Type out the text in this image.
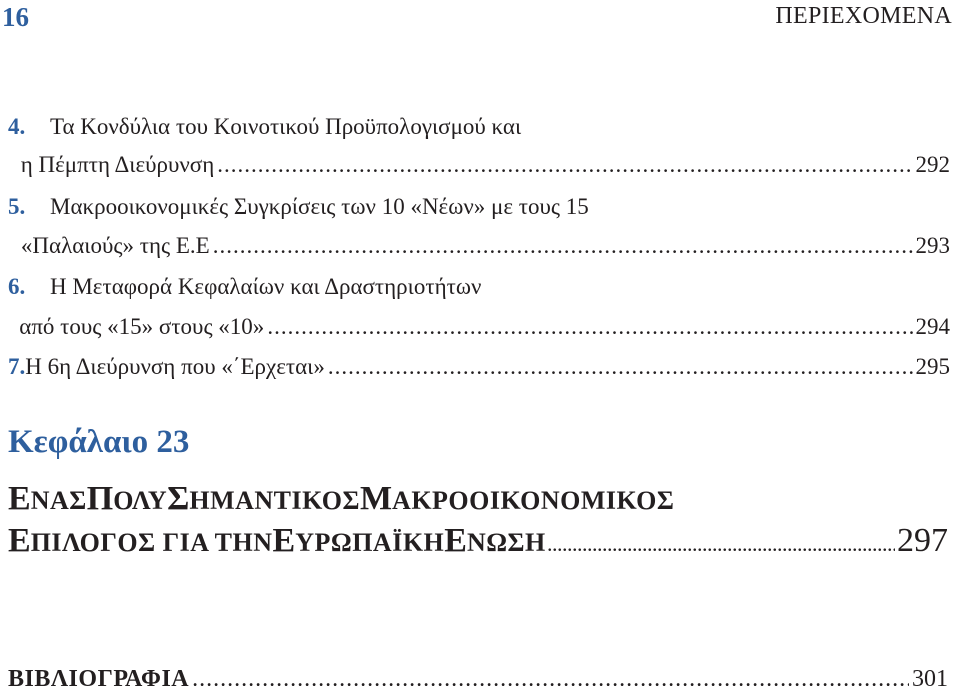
16	ΠΕΡΙΕΧΟΜΕΝΑ
4.	Τα Κονδύλια του Κοινοτικού Προϋπολογισμού και
η Πέμπτη Διεύρυνση .....	292
5.	Μακροοικονομικές Συγκρίσεις των 10 «Νέων» με τους 15
«Παλαιούς» της Ε.Ε .....	293
6.	Η Μεταφορά Κεφαλαίων και Δραστηριοτήτων
από τους «15» στους «10» .....	294
7. Η 6η Διεύρυνση που «΄Ερχεται» .....	295
Κεφάλαιο 23
ΕΝΑΣ ΠΟΛΥ ΣΗΜΑΝΤΙΚΟΣ ΜΑΚΡΟΟΙΚΟΝΟΜΙΚΟΣ
ΕΠΙΛΟΓΟΣ ΓΙΑ ΤΗΝ ΕΥΡΩΠΑΪΚΗ ΕΝΩΣΗ .....	297
ΒΙΒΛΙΟΓΡΑΦΙΑ .....	301
